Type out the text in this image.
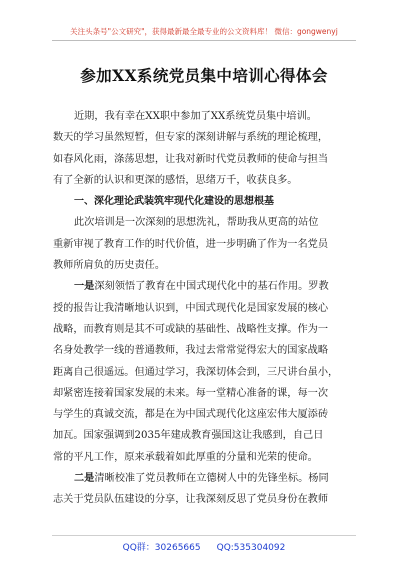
关注头条号"公文研究"，获得最新最全最专业的公文资料库！ 微信：gongwenyj
参加XX系统党员集中培训心得体会
近期，我有幸在XX职中参加了XX系统党员集中培训。
数天的学习虽然短暂，但专家的深刻讲解与系统的理论梳理，
如春风化雨，涤荡思想，让我对新时代党员教师的使命与担当
有了全新的认识和更深的感悟，思绪万千，收获良多。
一、深化理论武装筑牢现代化建设的思想根基
此次培训是一次深刻的思想洗礼，帮助我从更高的站位
重新审视了教育工作的时代价值，进一步明确了作为一名党员
教师所肩负的历史责任。
一是深刻领悟了教育在中国式现代化中的基石作用。罗教
授的报告让我清晰地认识到，中国式现代化是国家发展的核心
战略，而教育则是其不可或缺的基础性、战略性支撑。作为一
名身处教学一线的普通教师，我过去常常觉得宏大的国家战略
距离自己很遥远。但通过学习，我深切体会到，三尺讲台虽小，
却紧密连接着国家发展的未来。每一堂精心准备的课，每一次
与学生的真诚交流，都是在为中国式现代化这座宏伟大厦添砖
加瓦。国家强调到2035年建成教育强国这让我感到，自己日
常的平凡工作，原来承载着如此厚重的分量和光荣的使命。
二是清晰校准了党员教师在立德树人中的先锋坐标。杨同
志关于党员队伍建设的分享，让我深刻反思了党员身份在教师
QQ群：30265665 QQ:535304092
